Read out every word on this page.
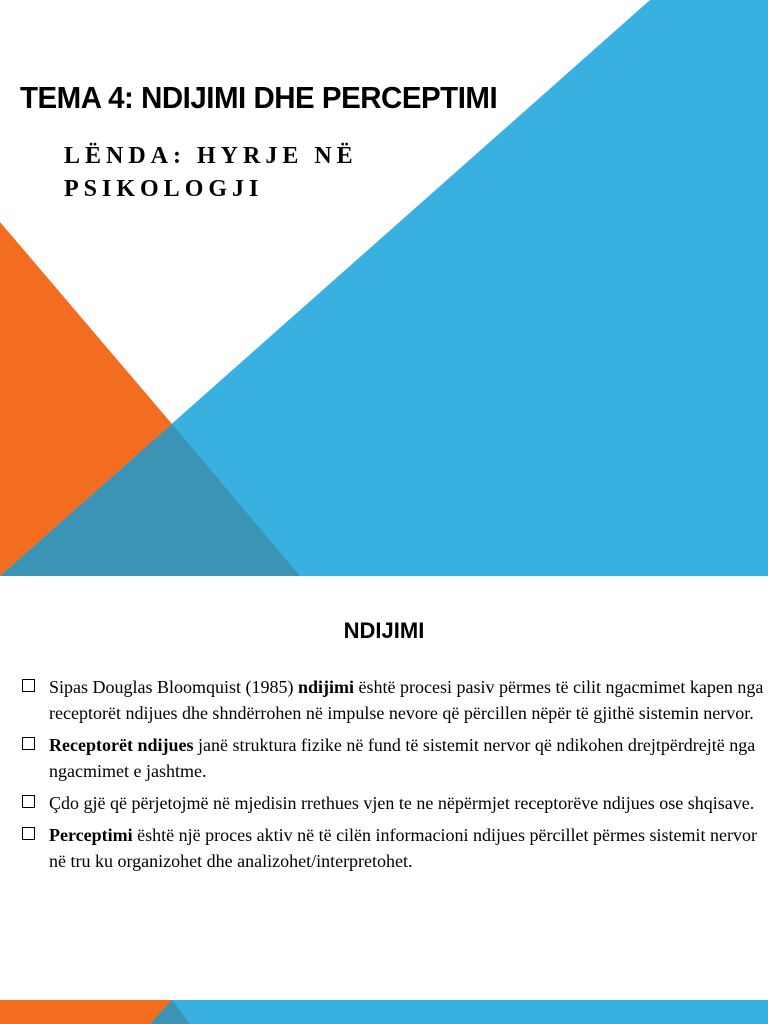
TEMA 4: NDIJIMI DHE PERCEPTIMI
LËNDA: HYRJE NË PSIKOLOGJI
NDIJIMI
Sipas Douglas Bloomquist (1985) ndijimi është procesi pasiv përmes të cilit ngacmimet kapen nga receptorët ndijues dhe shndërrohen në impulse nevore që përcillen nëpër të gjithë sistemin nervor.
Receptorët ndijues janë struktura fizike në fund të sistemit nervor që ndikohen drejtpërdrejtë nga ngacmimet e jashtme.
Çdo gjë që përjetojmë në mjedisin rrethues vjen te ne nëpërmjet receptorëve ndijues ose shqisave.
Perceptimi është një proces aktiv në të cilën informacioni ndijues përcillet përmes sistemit nervor në tru ku organizohet dhe analizohet/interpretohet.
